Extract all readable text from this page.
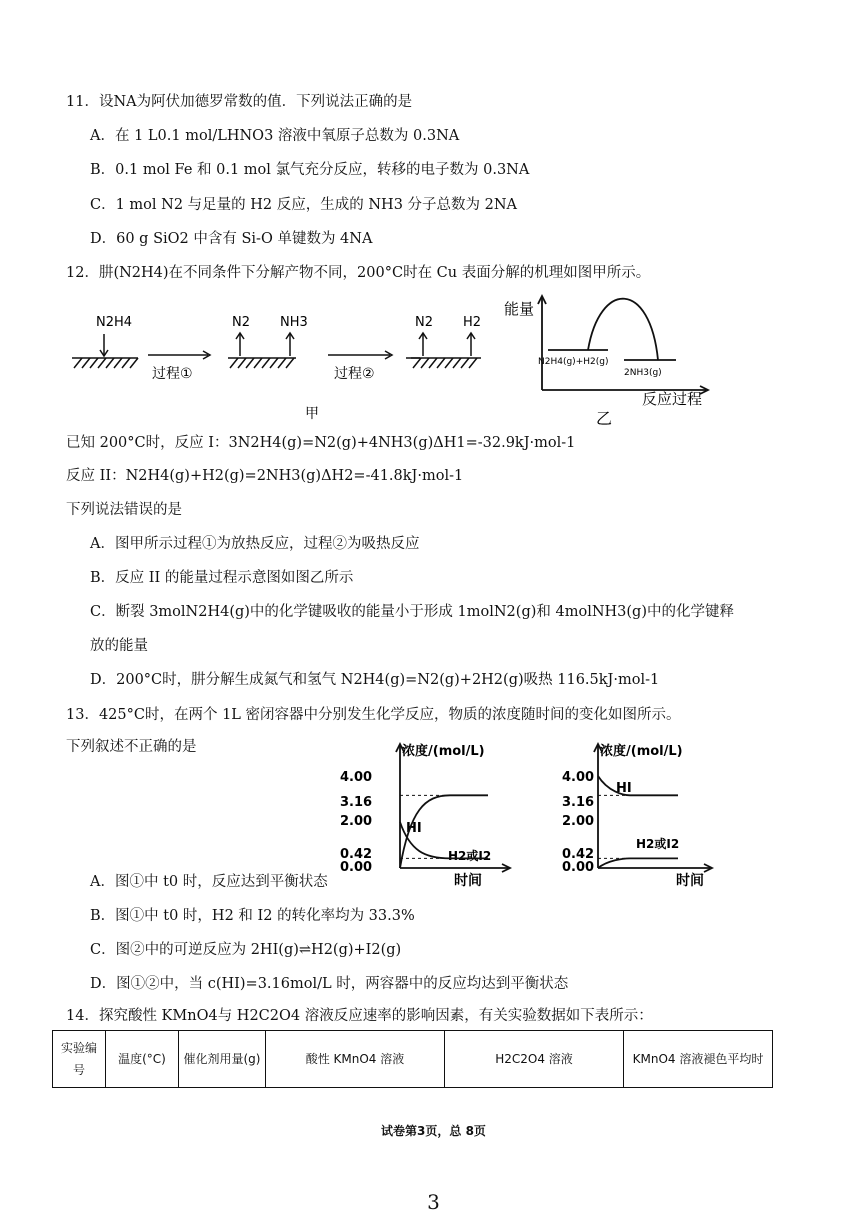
11．设NA为阿伏加德罗常数的值．下列说法正确的是
A．在 1 L0.1 mol/LHNO3 溶液中氧原子总数为 0.3NA
B．0.1 mol Fe 和 0.1 mol 氯气充分反应，转移的电子数为 0.3NA
C．1 mol N2 与足量的 H2 反应，生成的 NH3 分子总数为 2NA
D．60 g SiO2 中含有 Si-O 单键数为 4NA
12．肼(N2H4)在不同条件下分解产物不同，200°C时在 Cu 表面分解的机理如图甲所示。
N2H4	N2 NH3
过程①	过程②
甲
N2 H2
能量
N2H4(g)+H2(g)
2NH3(g)
反应过程
乙
已知 200°C时，反应 I：3N2H4(g)=N2(g)+4NH3(g)ΔH1=-32.9kJ·mol-1
反应 II：N2H4(g)+H2(g)=2NH3(g)ΔH2=-41.8kJ·mol-1
下列说法错误的是
A．图甲所示过程①为放热反应，过程②为吸热反应
B．反应 II 的能量过程示意图如图乙所示
C．断裂 3molN2H4(g)中的化学键吸收的能量小于形成 1molN2(g)和 4molNH3(g)中的化学键释
放的能量
D．200°C时，肼分解生成氮气和氢气 N2H4(g)=N2(g)+2H2(g)吸热 116.5kJ·mol-1
13．425°C时，在两个 1L 密闭容器中分别发生化学反应，物质的浓度随时间的变化如图所示。
下列叙述不正确的是	浓度/(mol/L)
4.00
3.16
2.00
0.42
0.00
HI
H2或I2
时间
浓度/(mol/L)
4.00
3.16
2.00
0.42
0.00
HI
H2或I2
时间
A．图①中 t0 时，反应达到平衡状态
B．图①中 t0 时，H2 和 I2 的转化率均为 33.3%
C．图②中的可逆反应为 2HI(g)⇌H2(g)+I2(g)
D．图①②中，当 c(HI)=3.16mol/L 时，两容器中的反应均达到平衡状态
14．探究酸性 KMnO4与 H2C2O4 溶液反应速率的影响因素，有关实验数据如下表所示：
实验编号	温度(°C)	催化剂用量(g)	酸性 KMnO4 溶液	H2C2O4 溶液	KMnO4 溶液褪色平均时
试卷第3页，总 8页
3
